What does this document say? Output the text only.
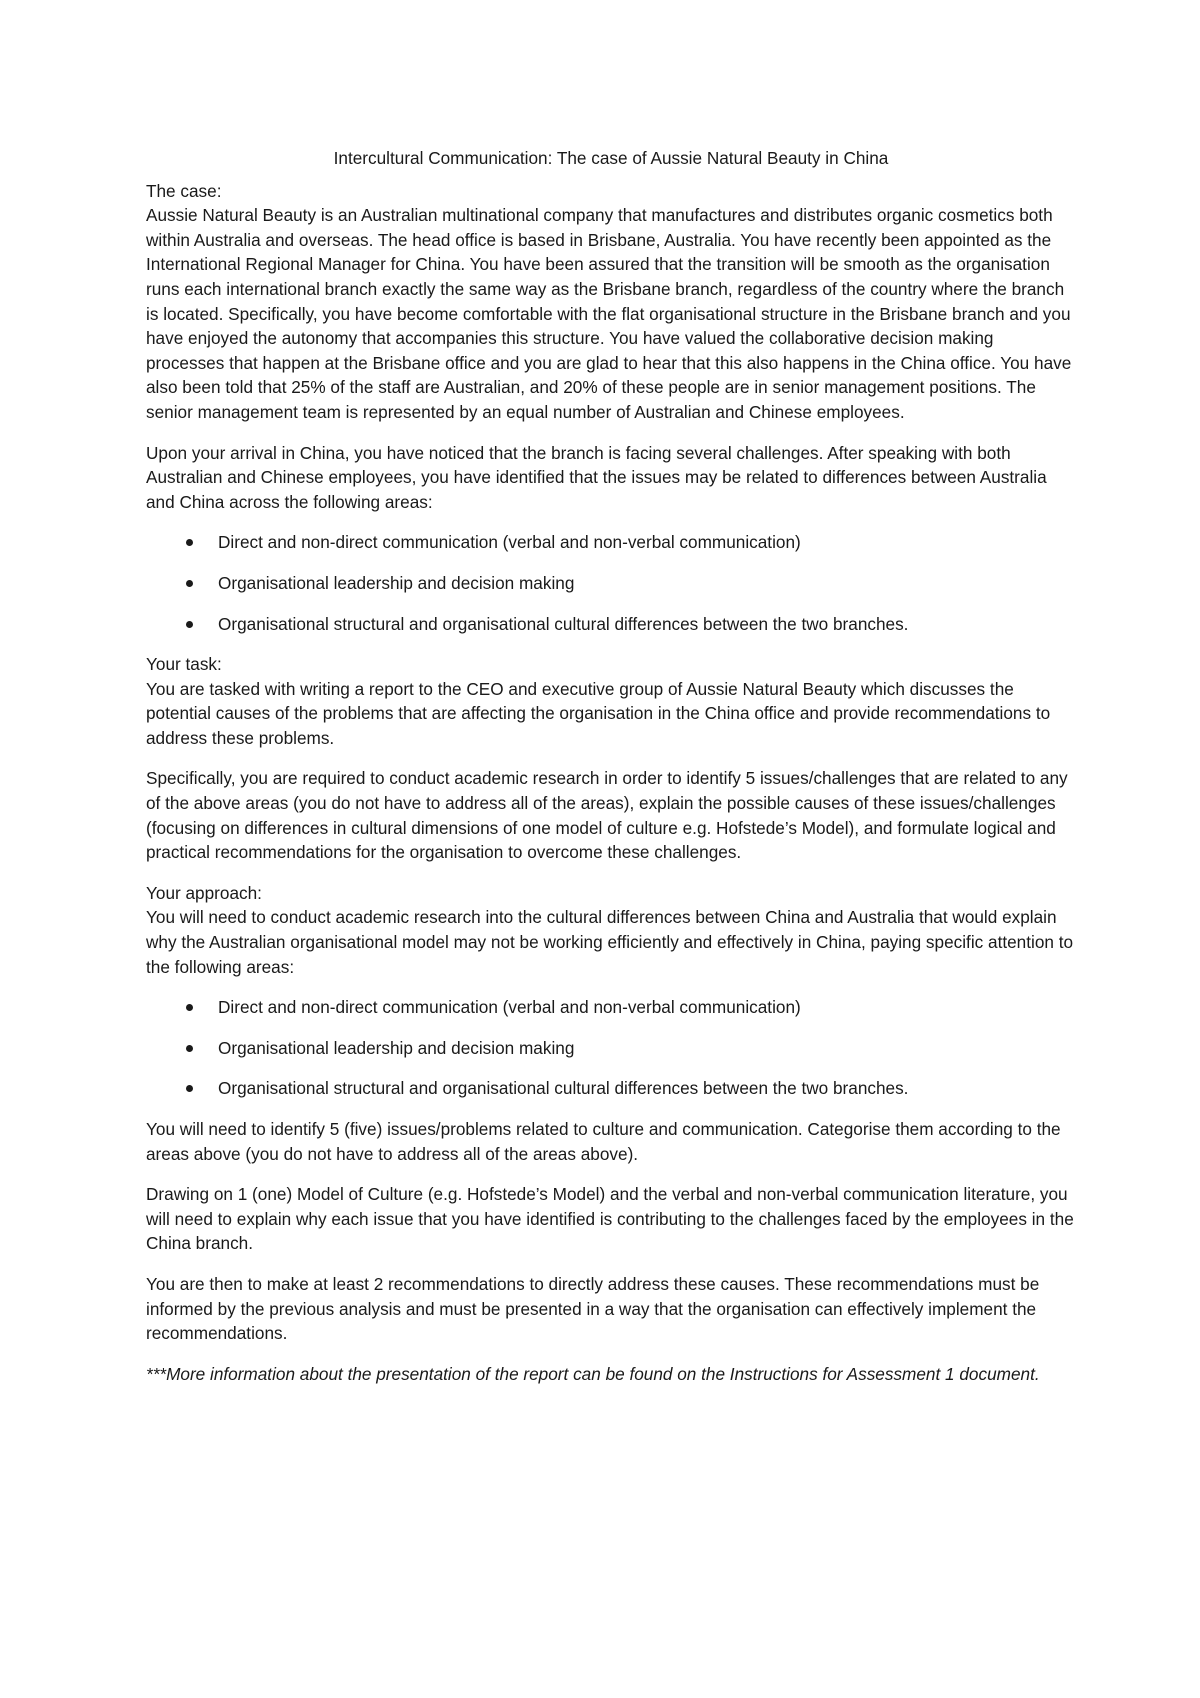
Intercultural Communication: The case of Aussie Natural Beauty in China

The case:
Aussie Natural Beauty is an Australian multinational company that manufactures and distributes organic cosmetics both within Australia and overseas. The head office is based in Brisbane, Australia. You have recently been appointed as the International Regional Manager for China. You have been assured that the transition will be smooth as the organisation runs each international branch exactly the same way as the Brisbane branch, regardless of the country where the branch is located. Specifically, you have become comfortable with the flat organisational structure in the Brisbane branch and you have enjoyed the autonomy that accompanies this structure. You have valued the collaborative decision making processes that happen at the Brisbane office and you are glad to hear that this also happens in the China office. You have also been told that 25% of the staff are Australian, and 20% of these people are in senior management positions. The senior management team is represented by an equal number of Australian and Chinese employees.

Upon your arrival in China, you have noticed that the branch is facing several challenges. After speaking with both Australian and Chinese employees, you have identified that the issues may be related to differences between Australia and China across the following areas:

Direct and non-direct communication (verbal and non-verbal communication)
Organisational leadership and decision making
Organisational structural and organisational cultural differences between the two branches.

Your task:
You are tasked with writing a report to the CEO and executive group of Aussie Natural Beauty which discusses the potential causes of the problems that are affecting the organisation in the China office and provide recommendations to address these problems.

Specifically, you are required to conduct academic research in order to identify 5 issues/challenges that are related to any of the above areas (you do not have to address all of the areas), explain the possible causes of these issues/challenges (focusing on differences in cultural dimensions of one model of culture e.g. Hofstede’s Model), and formulate logical and practical recommendations for the organisation to overcome these challenges.

Your approach:
You will need to conduct academic research into the cultural differences between China and Australia that would explain why the Australian organisational model may not be working efficiently and effectively in China, paying specific attention to the following areas:

Direct and non-direct communication (verbal and non-verbal communication)
Organisational leadership and decision making
Organisational structural and organisational cultural differences between the two branches.

You will need to identify 5 (five) issues/problems related to culture and communication. Categorise them according to the areas above (you do not have to address all of the areas above).

Drawing on 1 (one) Model of Culture (e.g. Hofstede’s Model) and the verbal and non-verbal communication literature, you will need to explain why each issue that you have identified is contributing to the challenges faced by the employees in the China branch.

You are then to make at least 2 recommendations to directly address these causes. These recommendations must be informed by the previous analysis and must be presented in a way that the organisation can effectively implement the recommendations.

***More information about the presentation of the report can be found on the Instructions for Assessment 1 document.
